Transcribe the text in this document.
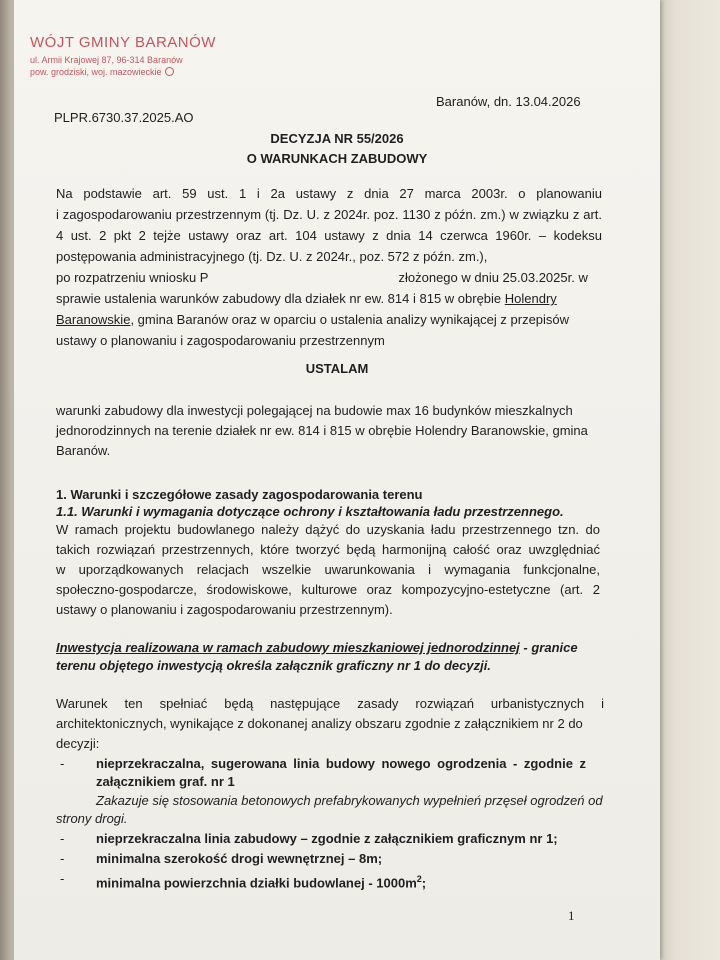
WÓJT GMINY BARANÓW
ul. Armii Krajowej 87, 96-314 Baranów
pow. grodziski, woj. mazowieckie
Baranów, dn. 13.04.2026
PLPR.6730.37.2025.AO
DECYZJA NR 55/2026
O WARUNKACH ZABUDOWY
Na podstawie art. 59 ust. 1 i 2a ustawy z dnia 27 marca 2003r. o planowaniu
i zagospodarowaniu przestrzennym (tj. Dz. U. z 2024r. poz. 1130 z późn. zm.) w związku z art.
4 ust. 2 pkt 2 tejże ustawy oraz art. 104 ustawy z dnia 14 czerwca 1960r. – kodeksu
postępowania administracyjnego (tj. Dz. U. z 2024r., poz. 572 z późn. zm.),
po rozpatrzeniu wniosku P	złożonego w dniu 25.03.2025r. w
sprawie ustalenia warunków zabudowy dla działek nr ew. 814 i 815 w obrębie Holendry
Baranowskie, gmina Baranów oraz w oparciu o ustalenia analizy wynikającej z przepisów
ustawy o planowaniu i zagospodarowaniu przestrzennym
USTALAM
warunki zabudowy dla inwestycji polegającej na budowie max 16 budynków mieszkalnych
jednorodzinnych na terenie działek nr ew. 814 i 815 w obrębie Holendry Baranowskie, gmina
Baranów.
1. Warunki i szczegółowe zasady zagospodarowania terenu
1.1. Warunki i wymagania dotyczące ochrony i kształtowania ładu przestrzennego.
W ramach projektu budowlanego należy dążyć do uzyskania ładu przestrzennego tzn. do
takich rozwiązań przestrzennych, które tworzyć będą harmonijną całość oraz uwzględniać
w uporządkowanych relacjach wszelkie uwarunkowania i wymagania funkcjonalne,
społeczno-gospodarcze, środowiskowe, kulturowe oraz kompozycyjno-estetyczne (art. 2
ustawy o planowaniu i zagospodarowaniu przestrzennym).
Inwestycja realizowana w ramach zabudowy mieszkaniowej jednorodzinnej - granice
terenu objętego inwestycją określa załącznik graficzny nr 1 do decyzji.
Warunek ten spełniać będą następujące zasady rozwiązań urbanistycznych i
architektonicznych, wynikające z dokonanej analizy obszaru zgodnie z załącznikiem nr 2 do
decyzji:
- nieprzekraczalna, sugerowana linia budowy nowego ogrodzenia - zgodnie z
załącznikiem graf. nr 1
Zakazuje się stosowania betonowych prefabrykowanych wypełnień przęseł ogrodzeń od
strony drogi.
- nieprzekraczalna linia zabudowy – zgodnie z załącznikiem graficznym nr 1;
- minimalna szerokość drogi wewnętrznej – 8m;
- minimalna powierzchnia działki budowlanej - $1000m^2$;
1
